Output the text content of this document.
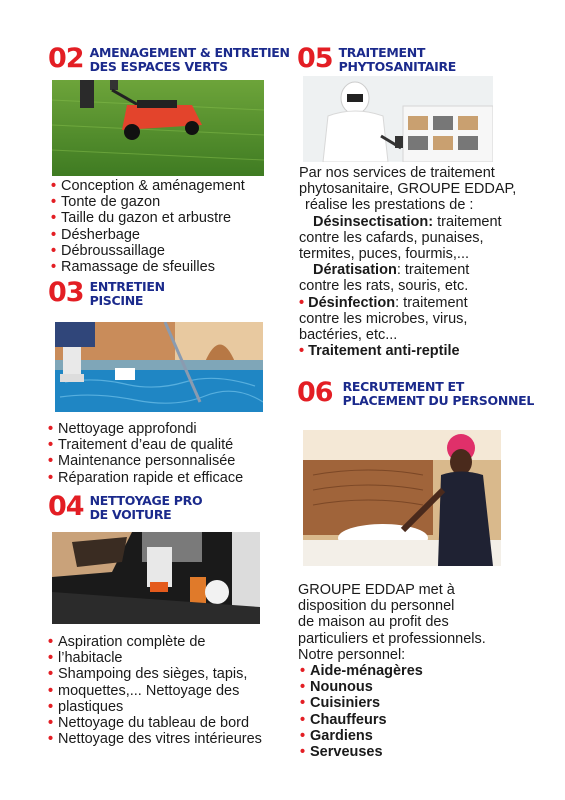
02 AMENAGEMENT & ENTRETIEN
DES ESPACES VERTS
• Conception & aménagement
• Tonte de gazon
• Taille du gazon et arbustre
• Désherbage
• Débroussaillage
• Ramassage de sfeuilles
03 ENTRETIEN
PISCINE
• Nettoyage approfondi
• Traitement d’eau de qualité
• Maintenance personnalisée
• Réparation rapide et efficace
04 NETTOYAGE PRO
DE VOITURE
• Aspiration complète de
• l’habitacle
• Shampoing des sièges, tapis,
• moquettes,... Nettoyage des
• plastiques
• Nettoyage du tableau de bord
• Nettoyage des vitres intérieures
05 TRAITEMENT
PHYTOSANITAIRE
Par nos services de traitement
phytosanitaire, GROUPE EDDAP,
réalise les prestations de :
Désinsectisation: traitement
contre les cafards, punaises,
termites, puces, fourmis,...
Dératisation: traitement
contre les rats, souris, etc.
• Désinfection: traitement
contre les microbes, virus,
bactéries, etc...
• Traitement anti-reptile
06 RECRUTEMENT ET
PLACEMENT DU PERSONNEL
GROUPE EDDAP met à
disposition du personnel
de maison au profit des
particuliers et professionnels.
Notre personnel:
• Aide-ménagères
• Nounous
• Cuisiniers
• Chauffeurs
• Gardiens
• Serveuses
